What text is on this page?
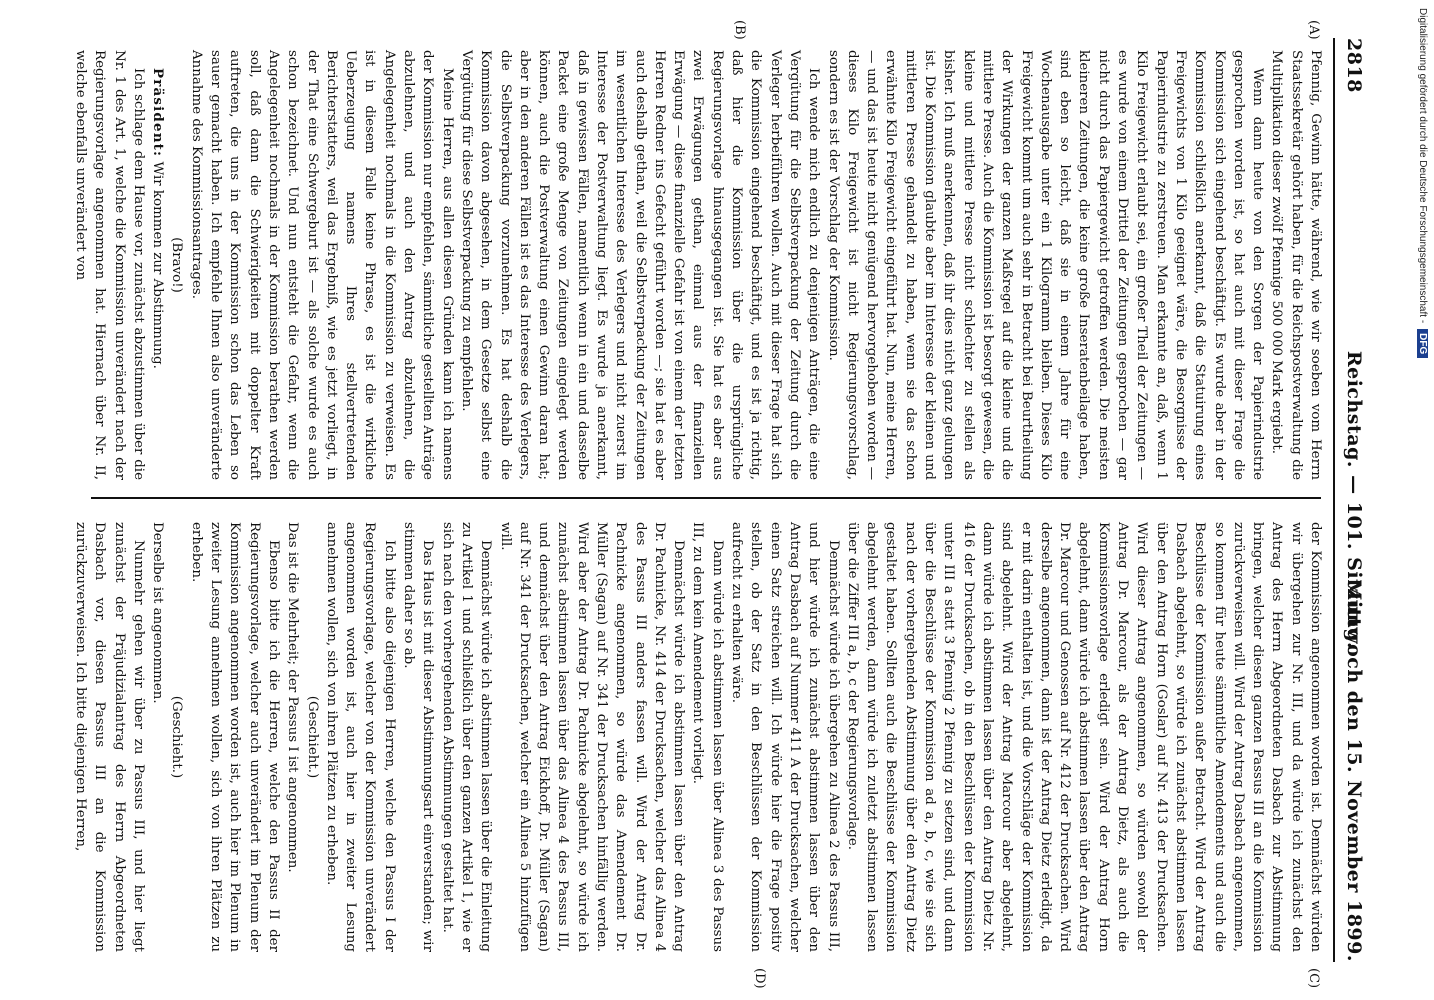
2818
Reichstag. — 101. Sitzung.
Mittwoch den 15. November 1899.
(A)
(B)
(C)
(D)

Pfennig, Gewinn hätte, während, wie wir soeben vom Herrn Staatssekretär gehört haben, für die Reichspostverwaltung die Multiplikation dieser zwölf Pfennige 500 000 Mark ergiebt.

Wenn dann heute von den Sorgen der Papierindustrie gesprochen worden ist, so hat auch mit dieser Frage die Kommission sich eingehend beschäftigt. Es wurde aber in der Kommission schließlich anerkannt, daß die Statuirung eines Freigewichts von 1 Kilo geeignet wäre, die Besorgnisse der Papierindustrie zu zerstreuen. Man erkannte an, daß, wenn 1 Kilo Freigewicht erlaubt sei, ein großer Theil der Zeitungen — es wurde von einem Drittel der Zeitungen gesprochen — gar nicht durch das Papiergewicht getroffen werden. Die meisten kleineren Zeitungen, die keine große Inseratenbeilage haben, sind eben so leicht, daß sie in einem Jahre für eine Wochenausgabe unter ein 1 Kilogramm bleiben. Dieses Kilo Freigewicht kommt um auch sehr in Betracht bei Beurtheilung der Wirkungen der ganzen Maßregel auf die kleine und die mittlere Presse. Auch die Kommission ist besorgt gewesen, die kleine und mittlere Presse nicht schlechter zu stellen als bisher. Ich muß anerkennen, daß ihr dies nicht ganz gelungen ist. Die Kommission glaubte aber im Interesse der kleinen und mittleren Presse gehandelt zu haben, wenn sie das schon erwähnte Kilo Freigewicht eingeführt hat. Nun, meine Herren, — und das ist heute nicht genügend hervorgehoben worden — dieses Kilo Freigewicht ist nicht Regierungsvorschlag, sondern es ist der Vorschlag der Kommission.

Ich wende mich endlich zu denjenigen Anträgen, die eine Vergütung für die Selbstverpackung der Zeitung durch die Verleger herbeiführen wollen. Auch mit dieser Frage hat sich die Kommission eingehend beschäftigt, und es ist ja richtig, daß hier die Kommission über die ursprüngliche Regierungsvorlage hinausgegangen ist. Sie hat es aber aus zwei Erwägungen gethan, einmal aus der finanziellen Erwägung — diese finanzielle Gefahr ist von einem der letzten Herren Redner ins Gefecht geführt worden —; sie hat es aber auch deshalb gethan, weil die Selbstverpackung der Zeitungen im wesentlichen Interesse des Verlegers und nicht zuerst im Interesse der Postverwaltung liegt. Es wurde ja anerkannt, daß in gewissen Fällen, namentlich wenn in ein und dasselbe Packet eine große Menge von Zeitungen eingelegt werden können, auch die Postverwaltung einen Gewinn daran hat; aber in den anderen Fällen ist es das Interesse des Verlegers, die Selbstverpackung vorzunehmen. Es hat deshalb die Kommission davon abgesehen, in dem Gesetze selbst eine Vergütung für diese Selbstverpackung zu empfehlen.

Meine Herren, aus allen diesen Gründen kann ich namens der Kommission nur empfehlen, sämmtliche gestellten Anträge abzulehnen, und auch den Antrag abzulehnen, die Angelegenheit nochmals in die Kommission zu verweisen. Es ist in diesem Falle keine Phrase, es ist die wirkliche Ueberzeugung namens Ihres stellvertretenden Berichterstatters, weil das Ergebniß, wie es jetzt vorliegt, in der That eine Schwergeburt ist — als solche wurde es auch schon bezeichnet. Und nun entsteht die Gefahr, wenn die Angelegenheit nochmals in der Kommission berathen werden soll, daß dann die Schwierigkeiten mit doppelter Kraft auftreten, die uns in der Kommission schon das Leben so sauer gemacht haben. Ich empfehle Ihnen also unveränderte Annahme des Kommissionsantrages.

(Bravo!)

Präsident: Wir kommen zur Abstimmung.

Ich schlage dem Hause vor, zunächst abzustimmen über die Nr. 1 des Art. 1, welche die Kommission unverändert nach der Regierungsvorlage angenommen hat. Hiernach über Nr. II, welche ebenfalls unverändert von

der Kommission angenommen worden ist. Demnächst würden wir übergehen zur Nr. III, und da würde ich zunächst den Antrag des Herrn Abgeordneten Dasbach zur Abstimmung bringen, welcher diesen ganzen Passus III an die Kommission zurückverweisen will. Wird der Antrag Dasbach angenommen, so kommen für heute sämmtliche Amendements und auch die Beschlüsse der Kommission außer Betracht. Wird der Antrag Dasbach abgelehnt, so würde ich zunächst abstimmen lassen über den Antrag Horn (Goslar) auf Nr. 413 der Drucksachen. Wird dieser Antrag angenommen, so würden sowohl der Antrag Dr. Marcour, als der Antrag Dietz, als auch die Kommissionsvorlage erledigt sein. Wird der Antrag Horn abgelehnt, dann würde ich abstimmen lassen über den Antrag Dr. Marcour und Genossen auf Nr. 412 der Drucksachen. Wird derselbe angenommen, dann ist der Antrag Dietz erledigt, da er mit darin enthalten ist, und die Vorschläge der Kommission sind abgelehnt. Wird der Antrag Marcour aber abgelehnt, dann würde ich abstimmen lassen über den Antrag Dietz Nr. 416 der Drucksachen, ob in den Beschlüssen der Kommission unter III a statt 3 Pfennig 2 Pfennig zu setzen sind, und dann über die Beschlüsse der Kommission ad a, b, c, wie sie sich nach der vorhergehenden Abstimmung über den Antrag Dietz gestaltet haben. Sollten auch die Beschlüsse der Kommission abgelehnt werden, dann würde ich zuletzt abstimmen lassen über die Ziffer III a, b, c der Regierungsvorlage.

Demnächst würde ich übergehen zu Alinea 2 des Passus III, und hier würde ich zunächst abstimmen lassen über den Antrag Dasbach auf Nummer 411 A der Drucksachen, welcher einen Satz streichen will. Ich würde hier die Frage positiv stellen, ob der Satz in den Beschlüssen der Kommission aufrecht zu erhalten wäre.

Dann würde ich abstimmen lassen über Alinea 3 des Passus III, zu dem kein Amendement vorliegt.

Demnächst würde ich abstimmen lassen über den Antrag Dr. Pachnicke, Nr. 414 der Drucksachen, welcher das Alinea 4 des Passus III anders fassen will. Wird der Antrag Dr. Pachnicke angenommen, so würde das Amendement Dr. Müller (Sagan) auf Nr. 341 der Drucksachen hinfällig werden. Wird aber der Antrag Dr. Pachnicke abgelehnt, so würde ich zunächst abstimmen lassen über das Alinea 4 des Passus III, und demnächst über den Antrag Eickhoff, Dr. Müller (Sagan) auf Nr. 341 der Drucksachen, welcher ein Alinea 5 hinzufügen will.

Demnächst würde ich abstimmen lassen über die Einleitung zu Artikel 1 und schließlich über den ganzen Artikel 1, wie er sich nach den vorhergehenden Abstimmungen gestaltet hat.

Das Haus ist mit dieser Abstimmungsart einverstanden; wir stimmen daher so ab.

Ich bitte also diejenigen Herren, welche den Passus I der Regierungsvorlage, welcher von der Kommission unverändert angenommen worden ist, auch hier in zweiter Lesung annehmen wollen, sich von ihren Plätzen zu erheben.

(Geschieht.)

Das ist die Mehrheit; der Passus I ist angenommen.

Ebenso bitte ich die Herren, welche den Passus II der Regierungsvorlage, welcher auch unverändert im Plenum der Kommission angenommen worden ist, auch hier im Plenum in zweiter Lesung annehmen wollen, sich von ihren Plätzen zu erheben.

(Geschieht.)

Derselbe ist angenommen.

Nunmehr gehen wir über zu Passus III, und hier liegt zunächst der Präjudizialantrag des Herrn Abgeordneten Dasbach vor, diesen Passus III an die Kommission zurückzuverweisen. Ich bitte diejenigen Herren,

Digitalisierung gefördert durch die Deutsche Forschungsgemeinschaft -DFG
